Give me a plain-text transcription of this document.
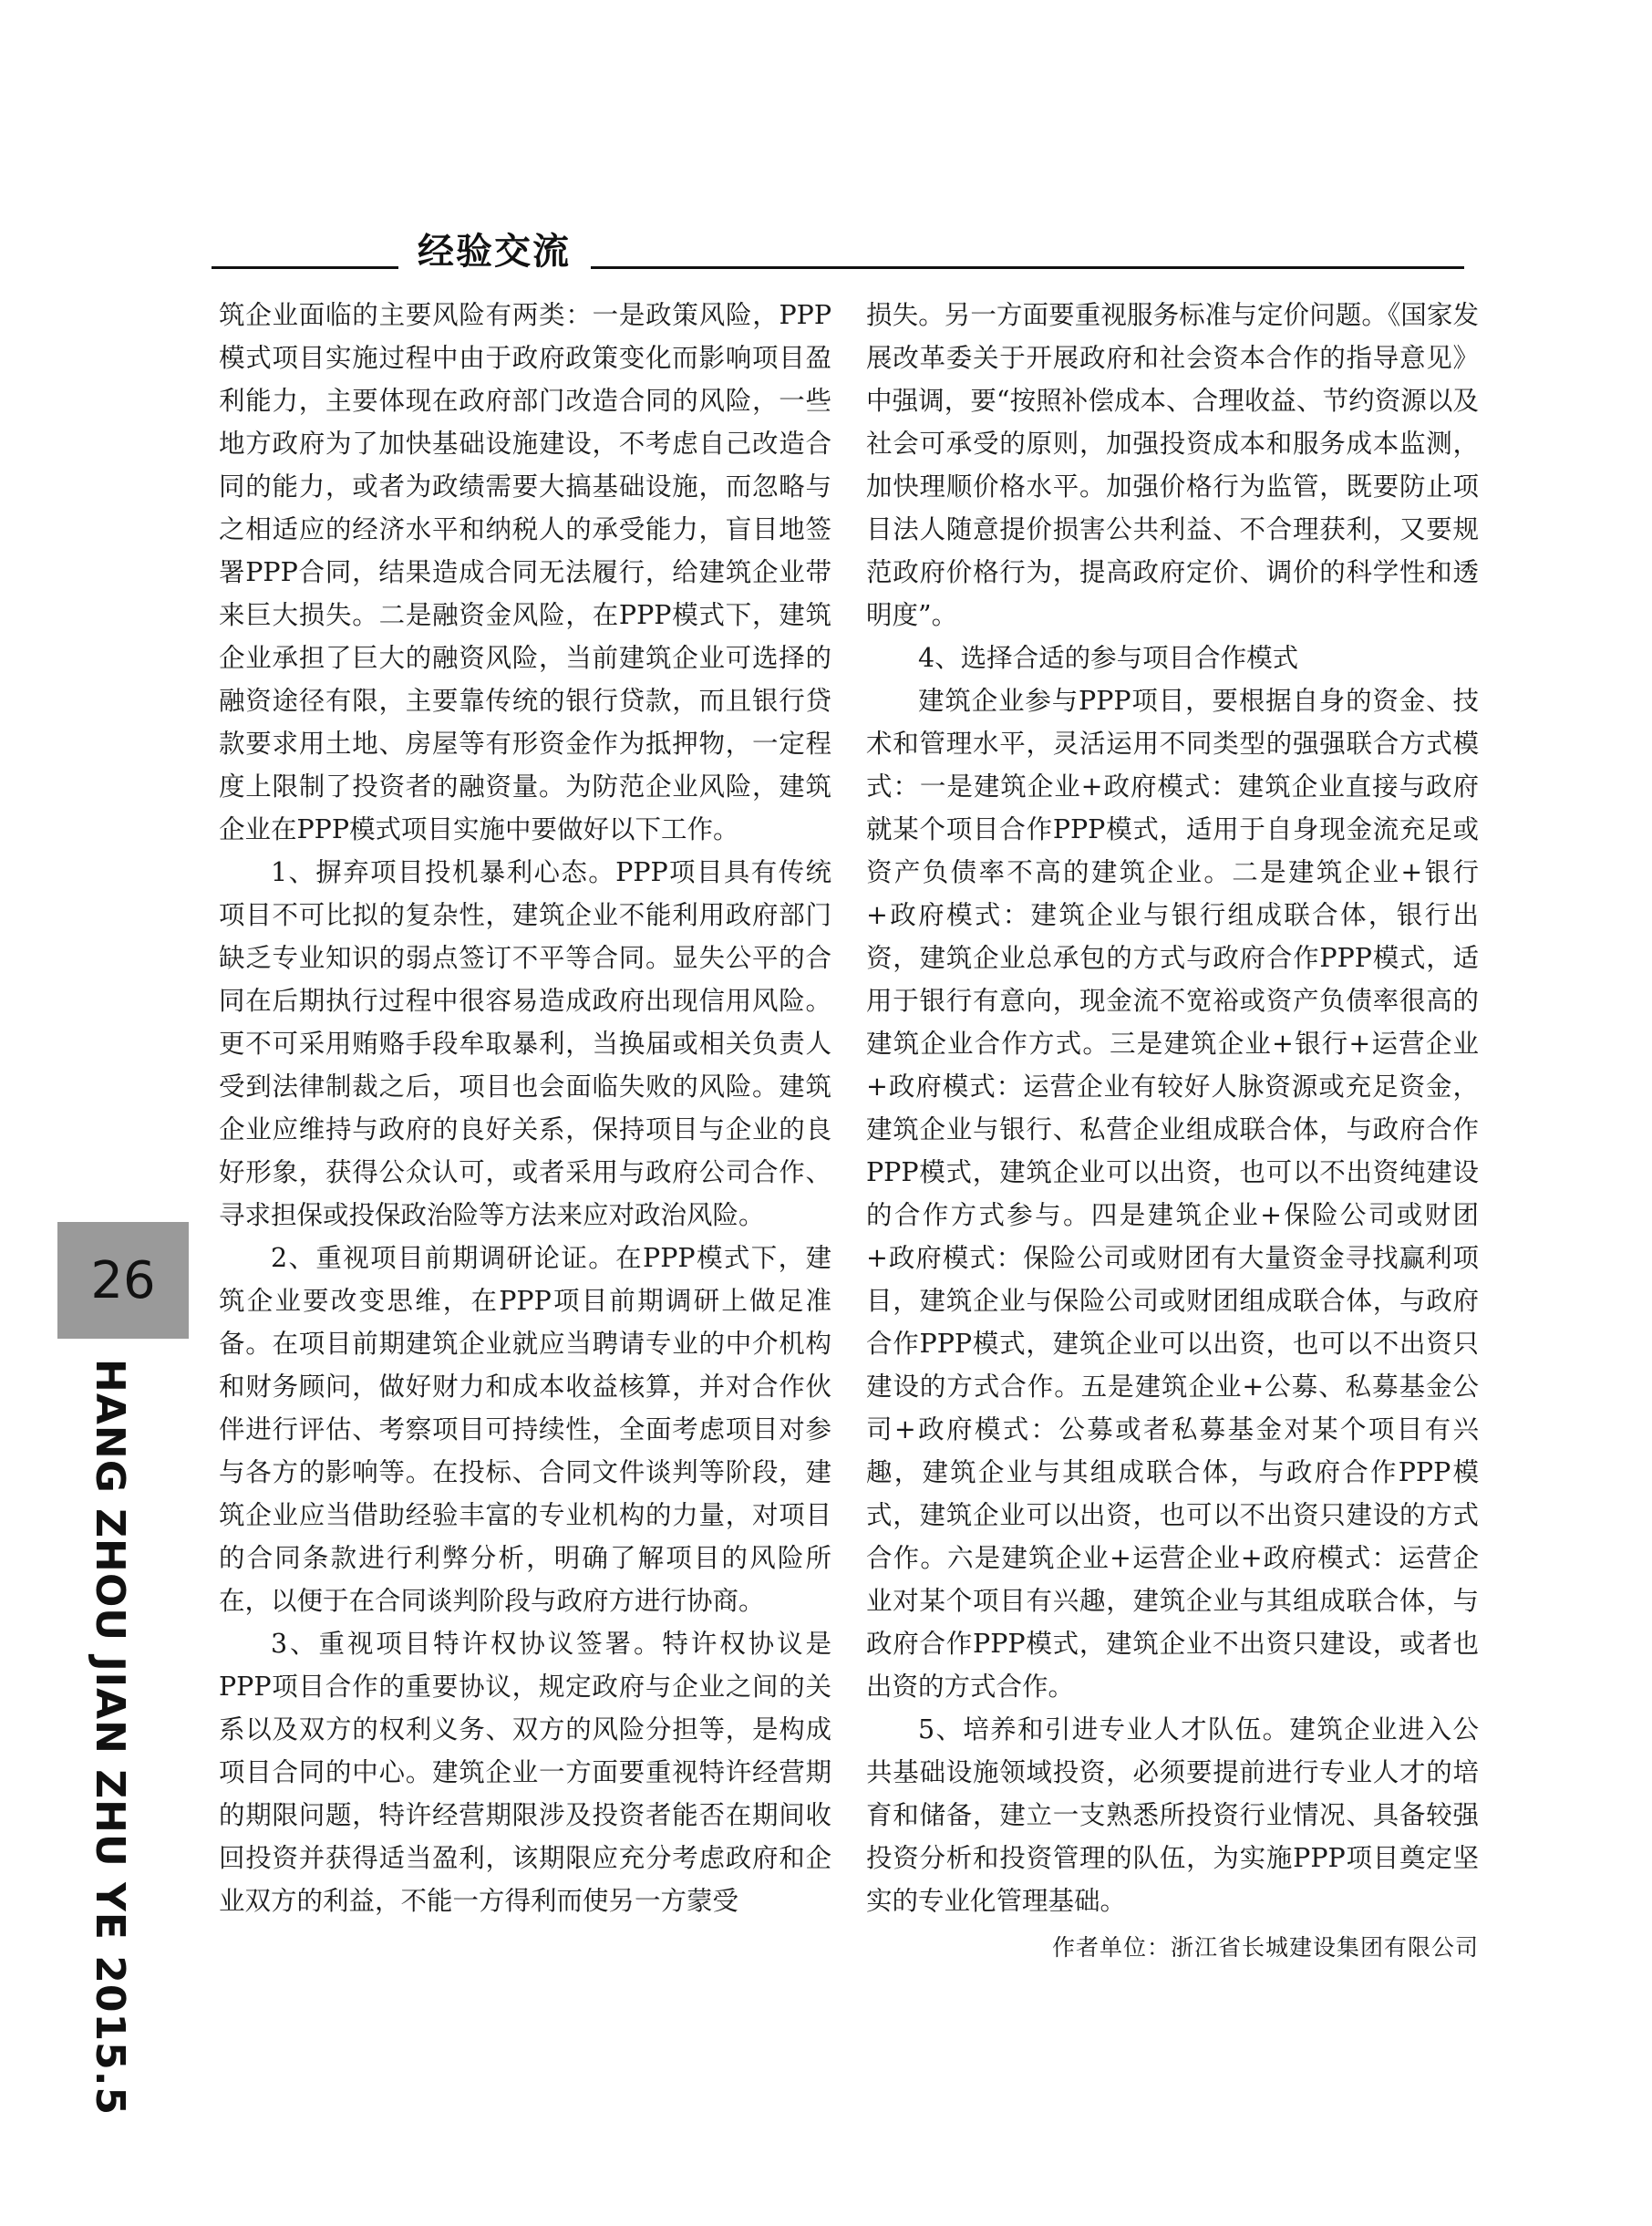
经验交流
26
HANG ZHOU JIAN ZHU YE 2015.5

筑企业面临的主要风险有两类：一是政策风险，PPP模式项目实施过程中由于政府政策变化而影响项目盈利能力，主要体现在政府部门改造合同的风险，一些地方政府为了加快基础设施建设，不考虑自己改造合同的能力，或者为政绩需要大搞基础设施，而忽略与之相适应的经济水平和纳税人的承受能力，盲目地签署PPP合同，结果造成合同无法履行，给建筑企业带来巨大损失。二是融资金风险，在PPP模式下，建筑企业承担了巨大的融资风险，当前建筑企业可选择的融资途径有限，主要靠传统的银行贷款，而且银行贷款要求用土地、房屋等有形资金作为抵押物，一定程度上限制了投资者的融资量。为防范企业风险，建筑企业在PPP模式项目实施中要做好以下工作。

1、摒弃项目投机暴利心态。PPP项目具有传统项目不可比拟的复杂性，建筑企业不能利用政府部门缺乏专业知识的弱点签订不平等合同。显失公平的合同在后期执行过程中很容易造成政府出现信用风险。更不可采用贿赂手段牟取暴利，当换届或相关负责人受到法律制裁之后，项目也会面临失败的风险。建筑企业应维持与政府的良好关系，保持项目与企业的良好形象，获得公众认可，或者采用与政府公司合作、寻求担保或投保政治险等方法来应对政治风险。

2、重视项目前期调研论证。在PPP模式下，建筑企业要改变思维，在PPP项目前期调研上做足准备。在项目前期建筑企业就应当聘请专业的中介机构和财务顾问，做好财力和成本收益核算，并对合作伙伴进行评估、考察项目可持续性，全面考虑项目对参与各方的影响等。在投标、合同文件谈判等阶段，建筑企业应当借助经验丰富的专业机构的力量，对项目的合同条款进行利弊分析，明确了解项目的风险所在，以便于在合同谈判阶段与政府方进行协商。

3、重视项目特许权协议签署。特许权协议是PPP项目合作的重要协议，规定政府与企业之间的关系以及双方的权利义务、双方的风险分担等，是构成项目合同的中心。建筑企业一方面要重视特许经营期的期限问题，特许经营期限涉及投资者能否在期间收回投资并获得适当盈利，该期限应充分考虑政府和企业双方的利益，不能一方得利而使另一方蒙受

损失。另一方面要重视服务标准与定价问题。《国家发展改革委关于开展政府和社会资本合作的指导意见》中强调，要“按照补偿成本、合理收益、节约资源以及社会可承受的原则，加强投资成本和服务成本监测，加快理顺价格水平。加强价格行为监管，既要防止项目法人随意提价损害公共利益、不合理获利，又要规范政府价格行为，提高政府定价、调价的科学性和透明度”。

4、选择合适的参与项目合作模式

建筑企业参与PPP项目，要根据自身的资金、技术和管理水平，灵活运用不同类型的强强联合方式模式：一是建筑企业+政府模式：建筑企业直接与政府就某个项目合作PPP模式，适用于自身现金流充足或资产负债率不高的建筑企业。二是建筑企业+银行+政府模式：建筑企业与银行组成联合体，银行出资，建筑企业总承包的方式与政府合作PPP模式，适用于银行有意向，现金流不宽裕或资产负债率很高的建筑企业合作方式。三是建筑企业+银行+运营企业+政府模式：运营企业有较好人脉资源或充足资金，建筑企业与银行、私营企业组成联合体，与政府合作PPP模式，建筑企业可以出资，也可以不出资纯建设的合作方式参与。四是建筑企业+保险公司或财团+政府模式：保险公司或财团有大量资金寻找赢利项目，建筑企业与保险公司或财团组成联合体，与政府合作PPP模式，建筑企业可以出资，也可以不出资只建设的方式合作。五是建筑企业+公募、私募基金公司+政府模式：公募或者私募基金对某个项目有兴趣，建筑企业与其组成联合体，与政府合作PPP模式，建筑企业可以出资，也可以不出资只建设的方式合作。六是建筑企业+运营企业+政府模式：运营企业对某个项目有兴趣，建筑企业与其组成联合体，与政府合作PPP模式，建筑企业不出资只建设，或者也出资的方式合作。

5、培养和引进专业人才队伍。建筑企业进入公共基础设施领域投资，必须要提前进行专业人才的培育和储备，建立一支熟悉所投资行业情况、具备较强投资分析和投资管理的队伍，为实施PPP项目奠定坚实的专业化管理基础。

作者单位：浙江省长城建设集团有限公司
